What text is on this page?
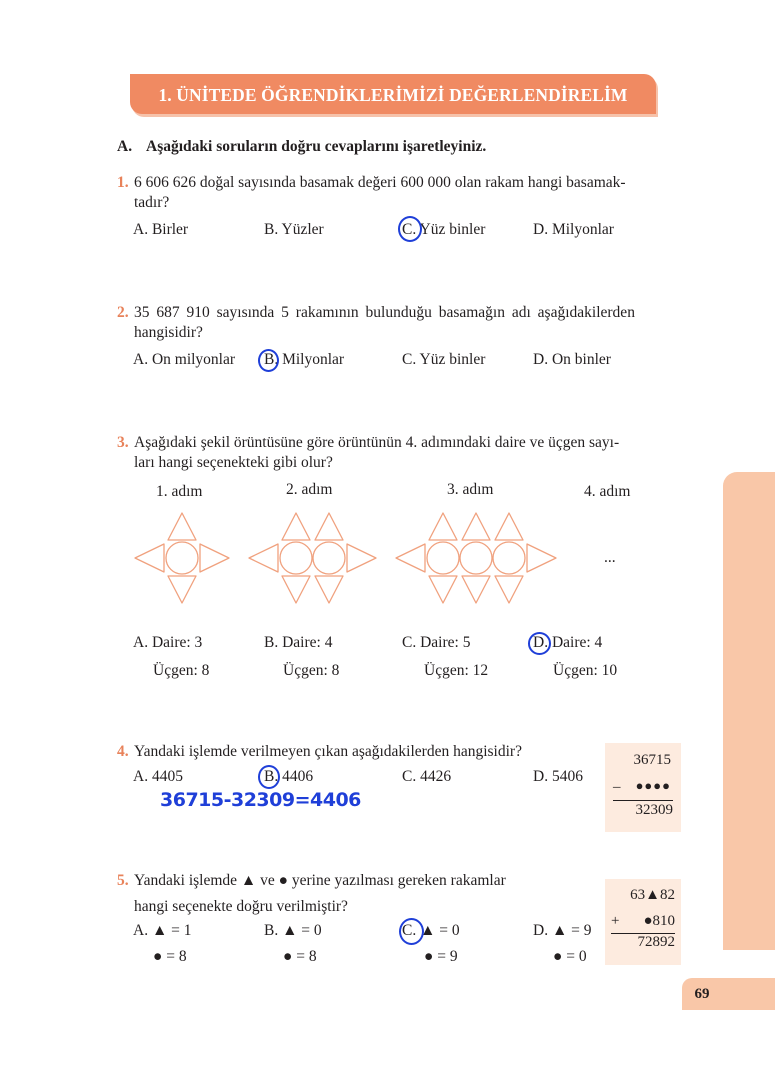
1. ÜNİTEDE ÖĞRENDİKLERİMİZİ DEĞERLENDİRELİM
69
A. Aşağıdaki soruların doğru cevaplarını işaretleyiniz.
1. 6 606 626 doğal sayısında basamak değeri 600 000 olan rakam hangi basamak-
tadır?
A. Birler	B. Yüzler	C. Yüz binler	D. Milyonlar
2. 35 687 910 sayısında 5 rakamının bulunduğu basamağın adı aşağıdakilerden
hangisidir?
A. On milyonlar B. Milyonlar	C. Yüz binler	D. On binler
3. Aşağıdaki şekil örüntüsüne göre örüntünün 4. adımındaki daire ve üçgen sayı-
ları hangi seçenekteki gibi olur?
1. adım	2. adım	3. adım	4. adım
...
A. Daire: 3
Üçgen: 8
B. Daire: 4
Üçgen: 8
C. Daire: 5
Üçgen: 12
D. Daire: 4
Üçgen: 10
4. Yandaki işlemde verilmeyen çıkan aşağıdakilerden hangisidir?
A. 4405	B. 4406	C. 4426	D. 5406
36715-32309=4406
36715
–	●●●●
32309
5. Yandaki işlemde ▲ ve ● yerine yazılması gereken rakamlar
hangi seçenekte doğru verilmiştir?
A. ▲ = 1
● = 8
B. ▲ = 0
● = 8
C. ▲ = 0
● = 9
D. ▲ = 9
● = 0
63▲82
+	●810
72892
